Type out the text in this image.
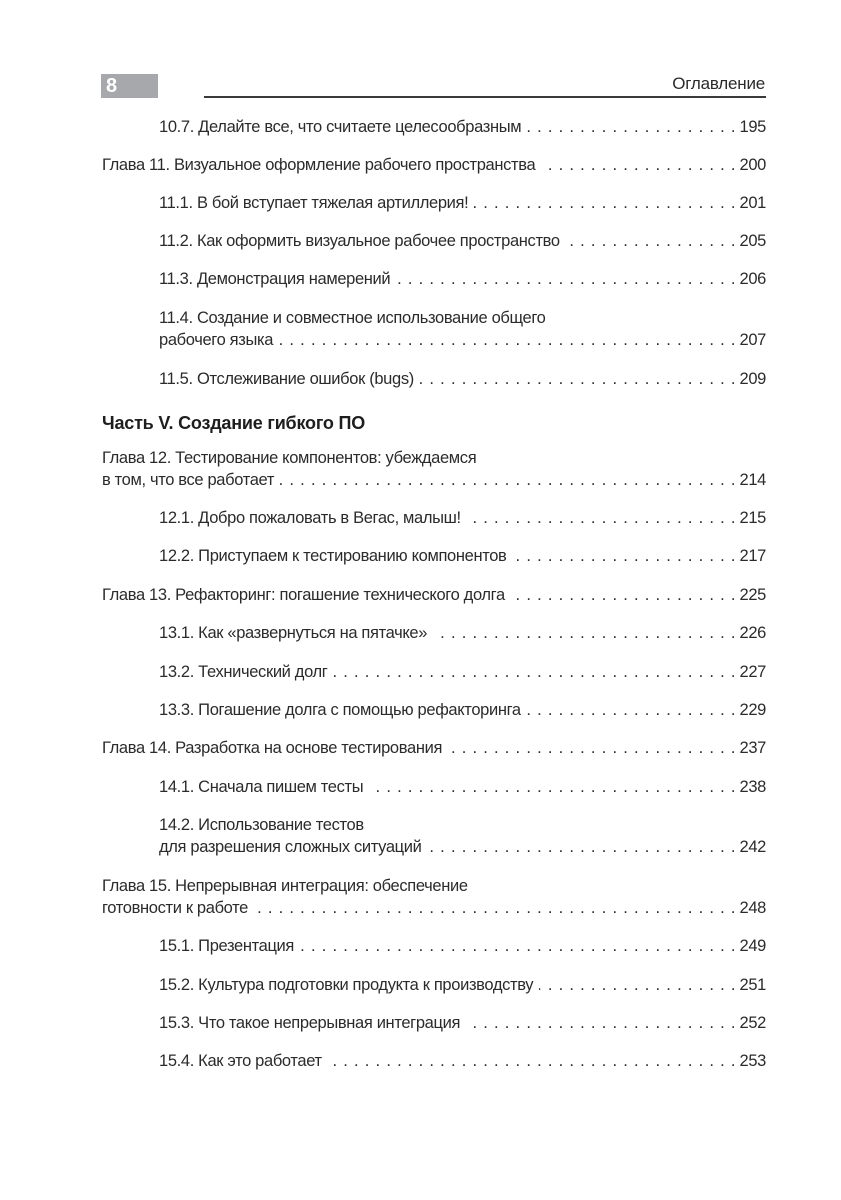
8	Оглавление
10.7. Делайте все, что считаете целесообразным . . .	195
Глава 11. Визуальное оформление рабочего пространства . . .	200
11.1. В бой вступает тяжелая артиллерия! . . .	201
11.2. Как оформить визуальное рабочее пространство . . .	205
11.3. Демонстрация намерений . . .	206
11.4. Создание и совместное использование общего
рабочего языка . . .	207
11.5. Отслеживание ошибок (bugs) . . .	209
Часть V. Создание гибкого ПО
Глава 12. Тестирование компонентов: убеждаемся
в том, что все работает . . .	214
12.1. Добро пожаловать в Вегас, малыш! . . .	215
12.2. Приступаем к тестированию компонентов . . .	217
Глава 13. Рефакторинг: погашение технического долга . . .	225
13.1. Как «развернуться на пятачке» . . .	226
13.2. Технический долг . . .	227
13.3. Погашение долга с помощью рефакторинга . . .	229
Глава 14. Разработка на основе тестирования . . .	237
14.1. Сначала пишем тесты . . .	238
14.2. Использование тестов
для разрешения сложных ситуаций . . .	242
Глава 15. Непрерывная интеграция: обеспечение
готовности к работе . . .	248
15.1. Презентация . . .	249
15.2. Культура подготовки продукта к производству . . .	251
15.3. Что такое непрерывная интеграция . . .	252
15.4. Как это работает . . .	253
